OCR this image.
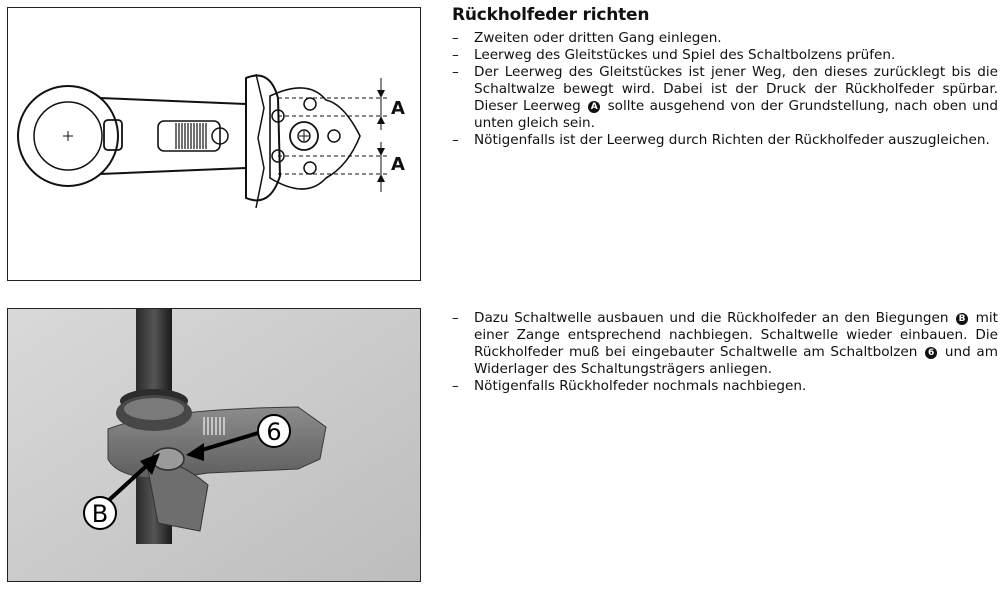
A
A
Rückholfeder richten
– Zweiten oder dritten Gang einlegen.
– Leerweg des Gleitstückes und Spiel des Schaltbolzens prüfen.
– Der Leerweg des Gleitstückes ist jener Weg, den dieses zurücklegt bis die Schaltwalze bewegt wird. Dabei ist der Druck der Rückholfeder spürbar. Dieser Leerweg A sollte ausgehend von der Grundstellung, nach oben und unten gleich sein.
– Nötigenfalls ist der Leerweg durch Richten der Rückholfeder auszugleichen.
6
B
– Dazu Schaltwelle ausbauen und die Rückholfeder an den Biegungen B mit einer Zange entsprechend nachbiegen. Schaltwelle wieder einbauen. Die Rückholfeder muß bei eingebauter Schaltwelle am Schaltbolzen 6 und am Widerlager des Schaltungsträgers anliegen.
– Nötigenfalls Rückholfeder nochmals nachbiegen.
